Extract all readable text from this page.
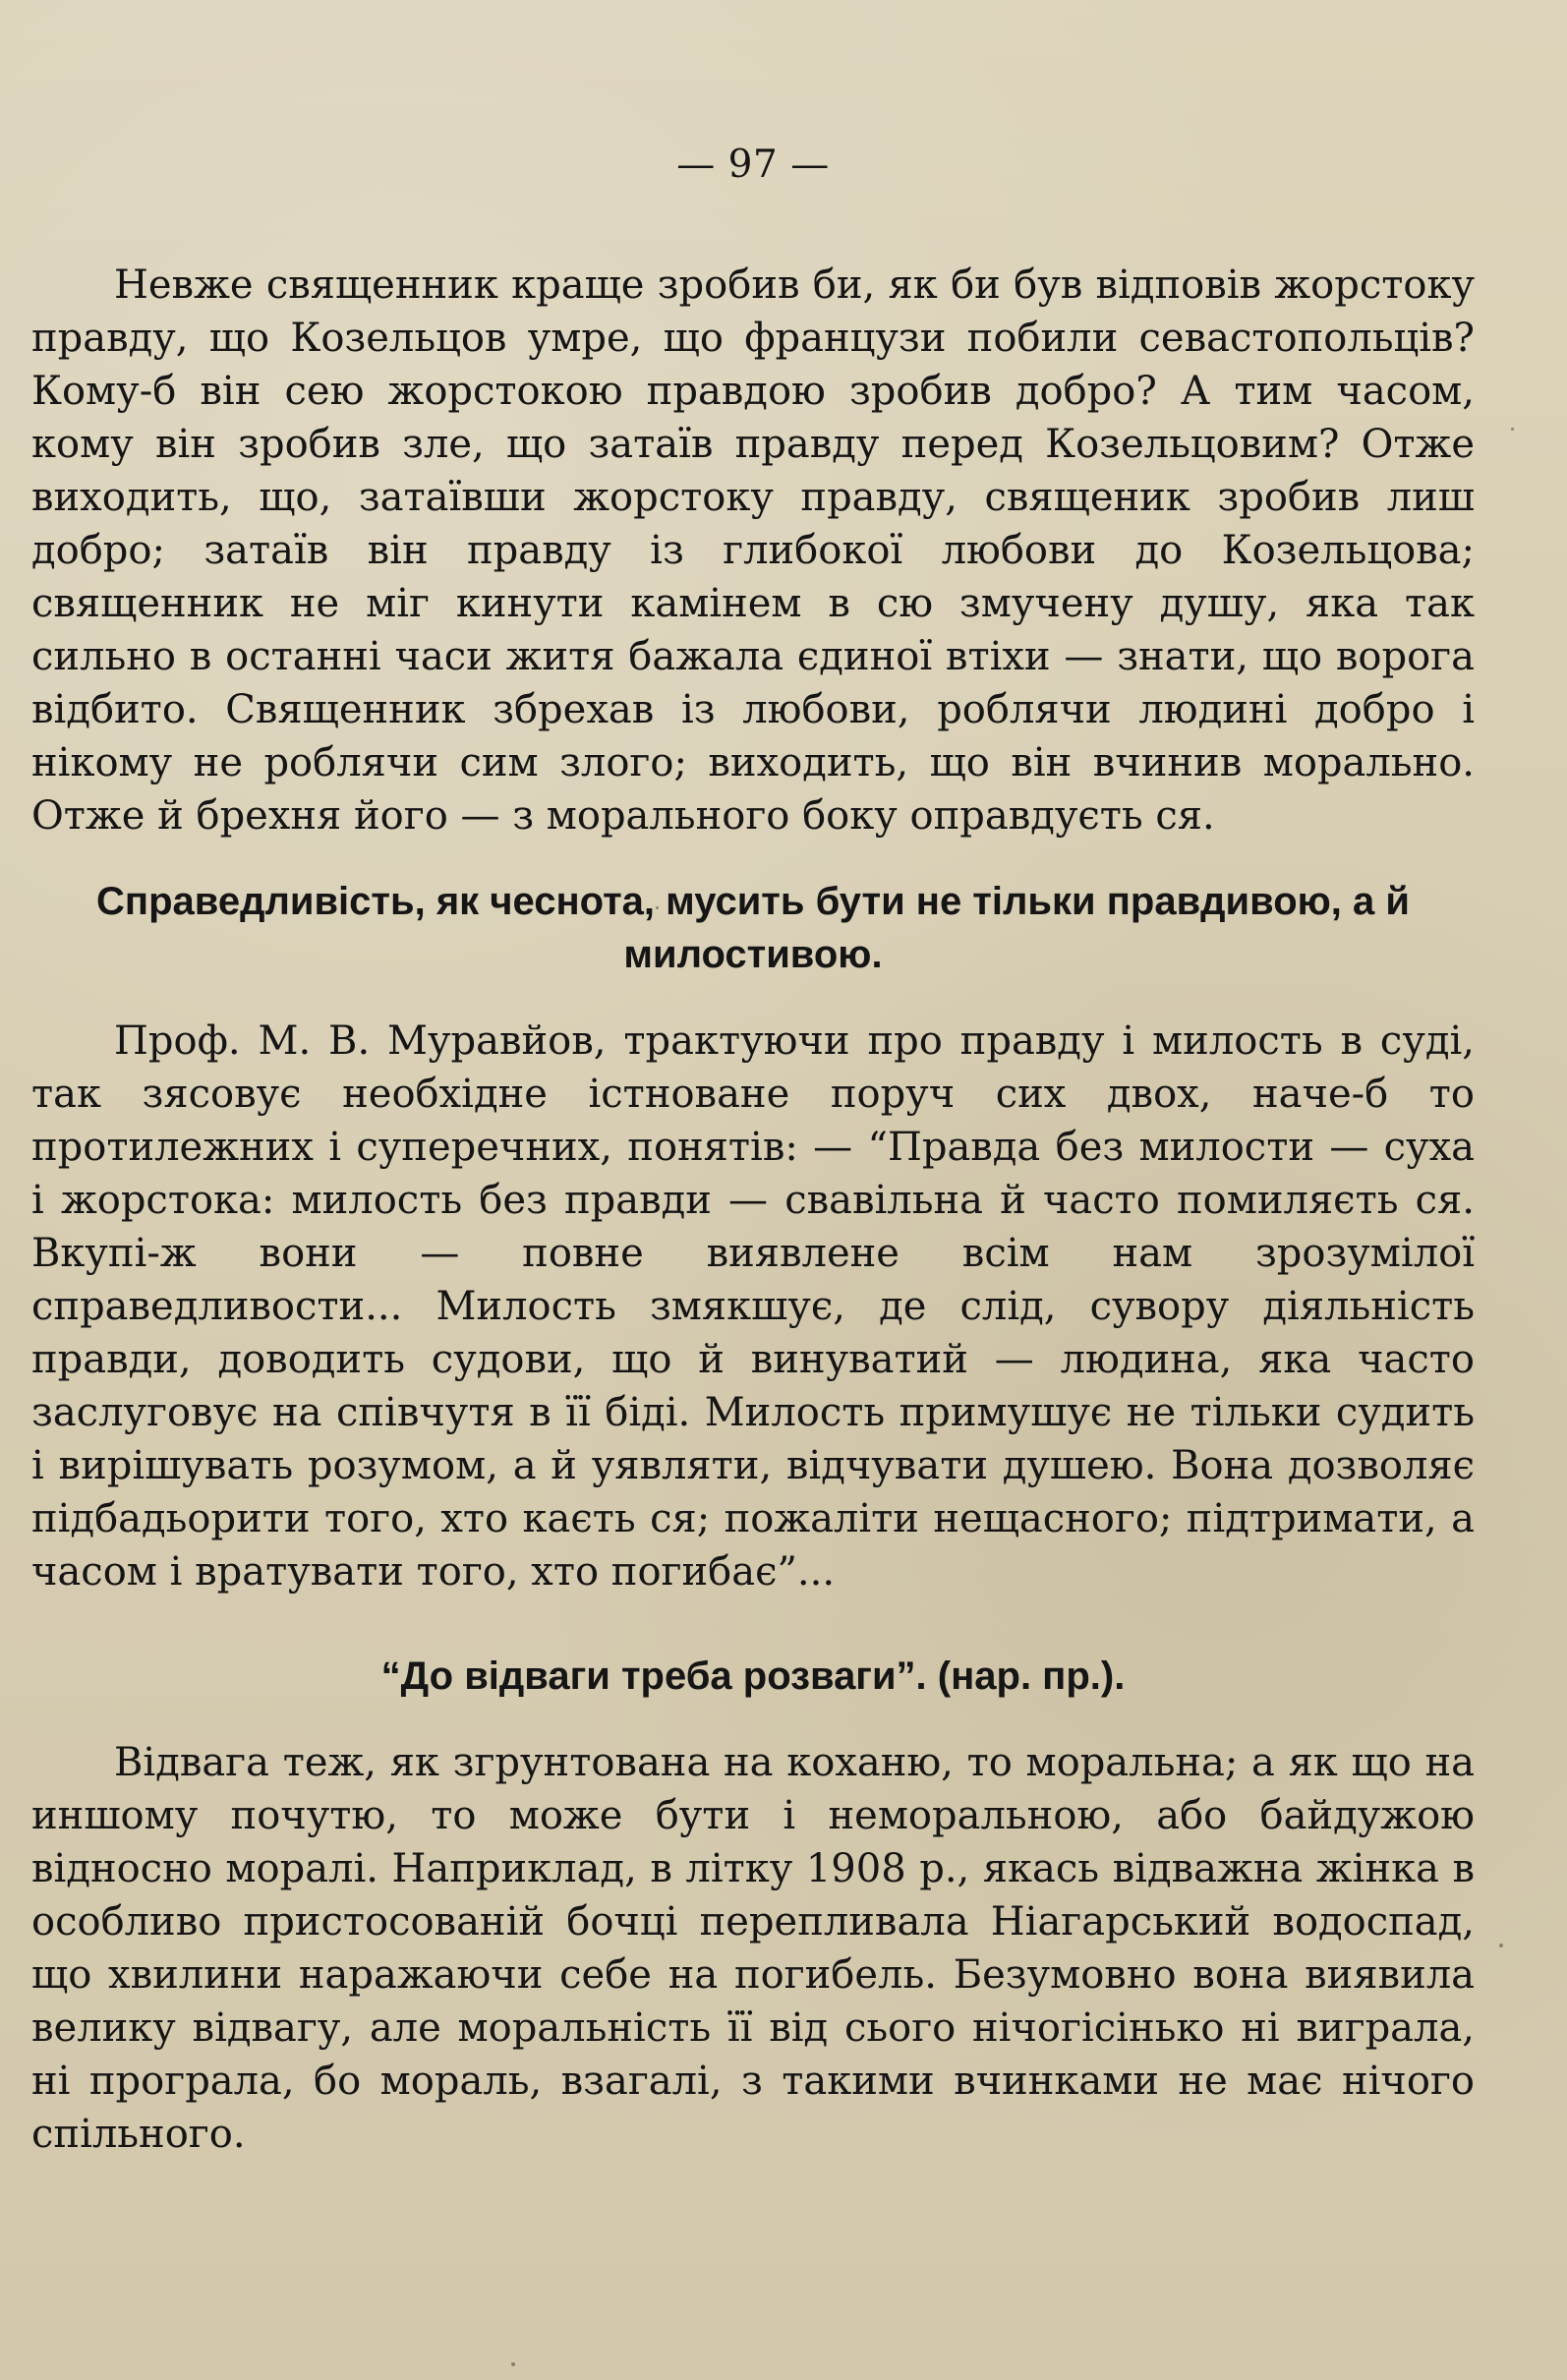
— 97 —

Невже священник краще зробив би, як би був відповів жорстоку правду, що Козельцов умре, що французи побили севастопольців? Кому-б він сею жорстокою правдою зробив добро? А тим часом, кому він зробив зле, що затаїв правду перед Козельцовим? Отже виходить, що, затаївши жорстоку правду, священик зробив лиш добро; затаїв він правду із глибокої любови до Козельцова; священник не міг кинути камінем в сю змучену душу, яка так сильно в останні часи житя бажала єдиної втіхи — знати, що ворога відбито. Священник збрехав із любови, роблячи людині добро і нікому не роблячи сим злого; виходить, що він вчинив морально. Отже й брехня його — з морального боку оправдуєть ся.

Справедливість, як чеснота, мусить бути не тільки правдивою, а й милостивою.

Проф. М. В. Муравйов, трактуючи про правду і милость в суді, так зясовує необхідне істноване поруч сих двох, наче-б то протилежних і суперечних, понятів: — “Правда без милости — суха і жорстока: милость без правди — свавільна й часто помиляєть ся. Вкупі-ж вони — повне виявлене всім нам зрозумілої справедливости... Милость змякшує, де слід, сувору діяльність правди, доводить судови, що й винуватий — людина, яка часто заслуговує на співчутя в її біді. Милость примушує не тільки судить і вирішувать розумом, а й уявляти, відчувати душею. Вона дозволяє підбадьорити того, хто каєть ся; пожаліти нещасного; підтримати, а часом і вратувати того, хто погибає”...

“До відваги треба розваги”. (нар. пр.).

Відвага теж, як згрунтована на коханю, то моральна; а як що на иншому почутю, то може бути і неморальною, або байдужою відносно моралі. Наприклад, в літку 1908 р., якась відважна жінка в особливо пристосованій бочці перепливала Ніагарський водоспад, що хвилини наражаючи себе на погибель. Безумовно вона виявила велику відвагу, але моральність її від сього нічогісінько ні виграла, ні програла, бо мораль, взагалі, з такими вчинками не має нічого спільного.
